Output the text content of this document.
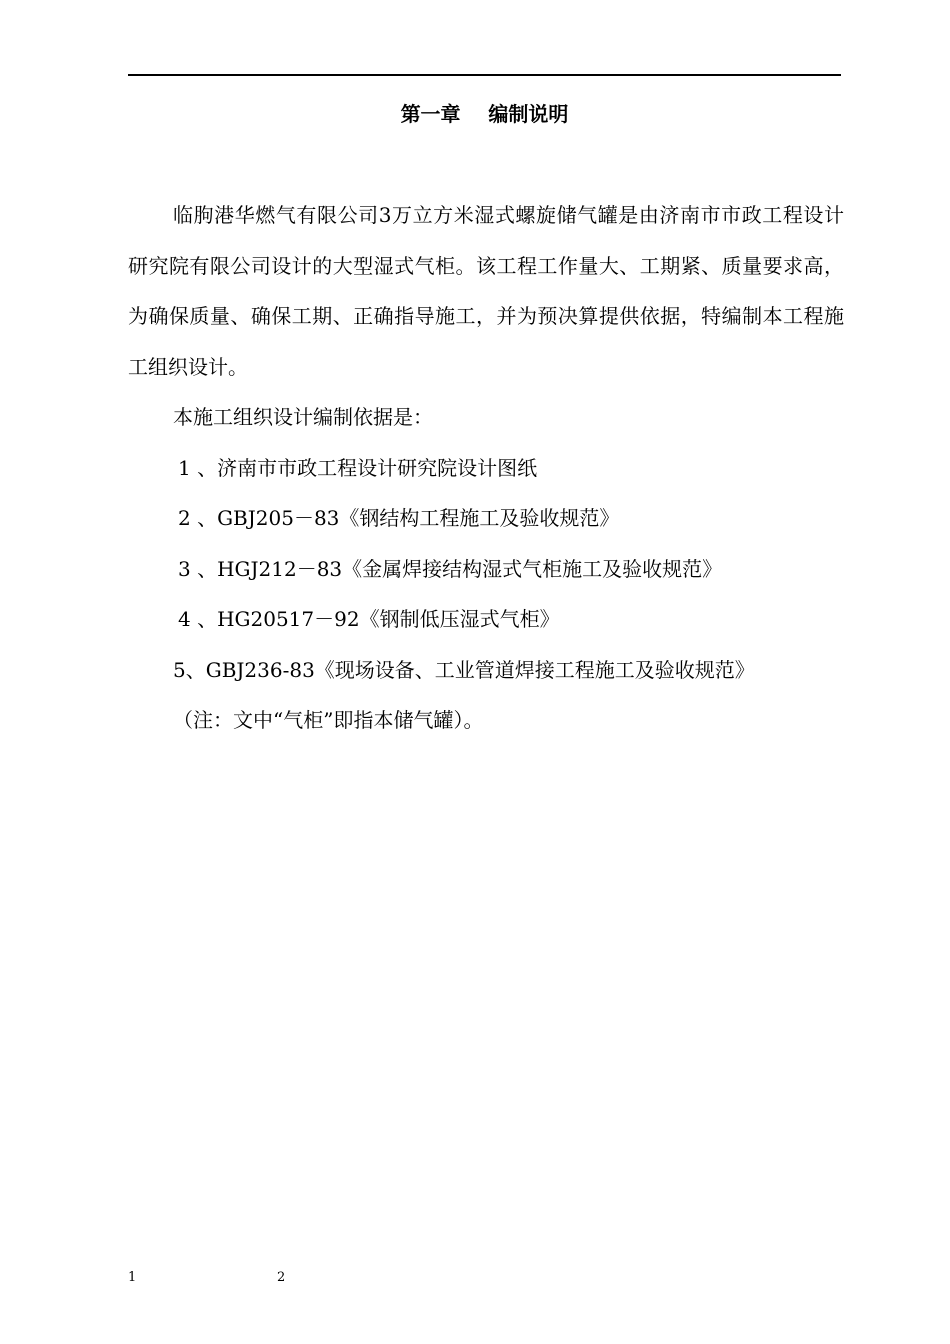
第一章    编制说明

临朐港华燃气有限公司3万立方米湿式螺旋储气罐是由济南市市政工程设计研究院有限公司设计的大型湿式气柜。该工程工作量大、工期紧、质量要求高，为确保质量、确保工期、正确指导施工，并为预决算提供依据，特编制本工程施工组织设计。

本施工组织设计编制依据是：

1 、济南市市政工程设计研究院设计图纸

2 、GBJ205－83《钢结构工程施工及验收规范》

3 、HGJ212－83《金属焊接结构湿式气柜施工及验收规范》

4 、HG20517－92《钢制低压湿式气柜》

5、GBJ236-83《现场设备、工业管道焊接工程施工及验收规范》

（注：文中“气柜”即指本储气罐）。

1	2
